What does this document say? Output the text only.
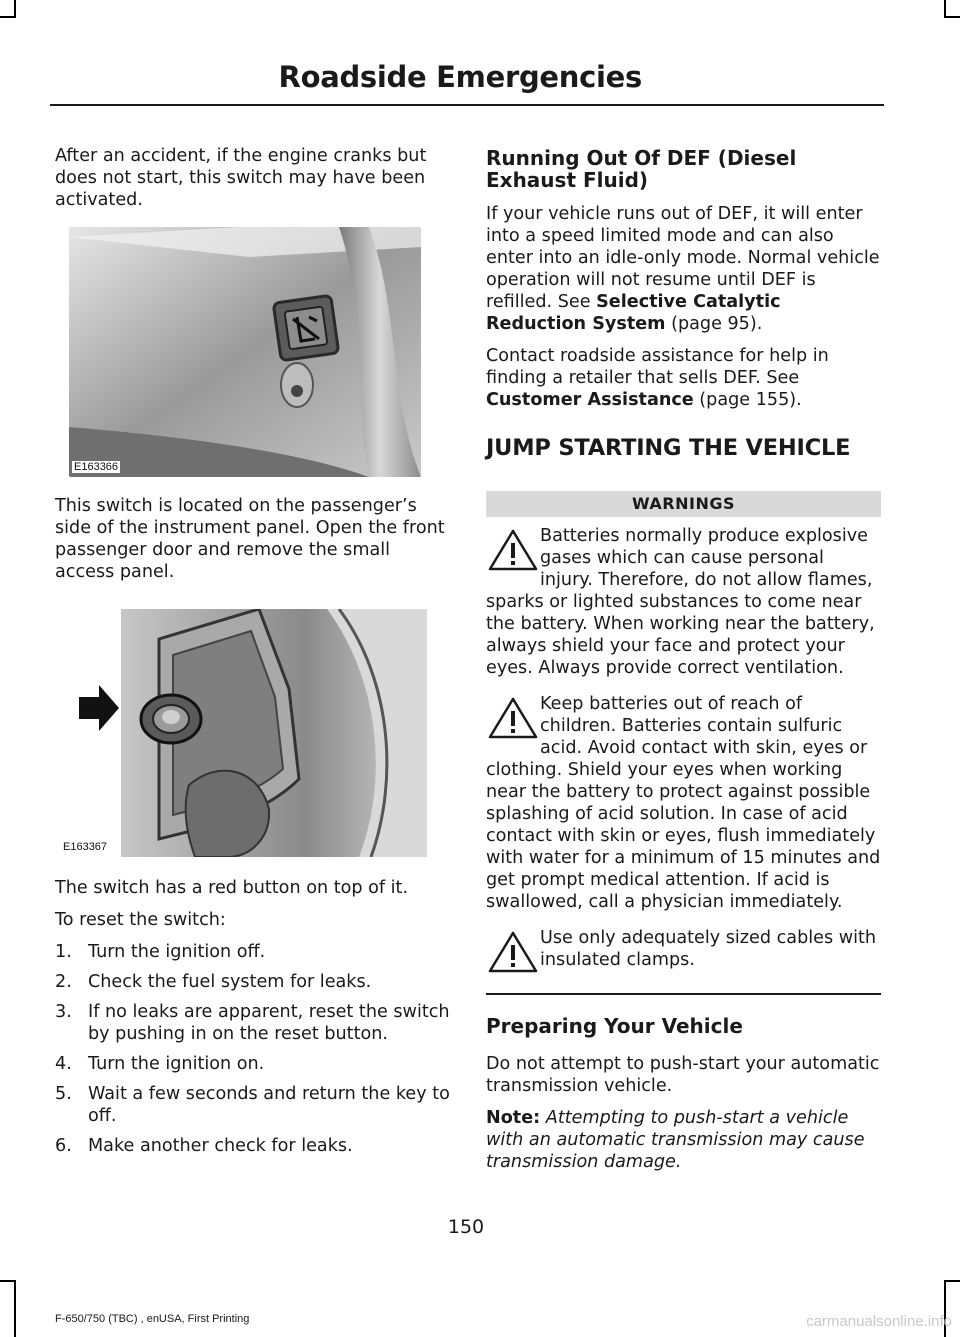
Roadside Emergencies

After an accident, if the engine cranks but does not start, this switch may have been activated.

E163366

This switch is located on the passenger’s side of the instrument panel. Open the front passenger door and remove the small access panel.

E163367

The switch has a red button on top of it.

To reset the switch:

1. Turn the ignition off.
2. Check the fuel system for leaks.
3. If no leaks are apparent, reset the switch by pushing in on the reset button.
4. Turn the ignition on.
5. Wait a few seconds and return the key to off.
6. Make another check for leaks.
Running Out Of DEF (Diesel Exhaust Fluid)

If your vehicle runs out of DEF, it will enter into a speed limited mode and can also enter into an idle-only mode. Normal vehicle operation will not resume until DEF is refilled. See Selective Catalytic Reduction System (page 95).

Contact roadside assistance for help in finding a retailer that sells DEF. See Customer Assistance (page 155).

JUMP STARTING THE VEHICLE
WARNINGS

Batteries normally produce explosive gases which can cause personal injury. Therefore, do not allow flames, sparks or lighted substances to come near the battery. When working near the battery, always shield your face and protect your eyes. Always provide correct ventilation.

Keep batteries out of reach of children. Batteries contain sulfuric acid. Avoid contact with skin, eyes or clothing. Shield your eyes when working near the battery to protect against possible splashing of acid solution. In case of acid contact with skin or eyes, flush immediately with water for a minimum of 15 minutes and get prompt medical attention. If acid is swallowed, call a physician immediately.

Use only adequately sized cables with insulated clamps.

Preparing Your Vehicle

Do not attempt to push-start your automatic transmission vehicle.

Note: Attempting to push-start a vehicle with an automatic transmission may cause transmission damage.

150
F-650/750 (TBC) , enUSA, First Printing	carmanualsonline.info
